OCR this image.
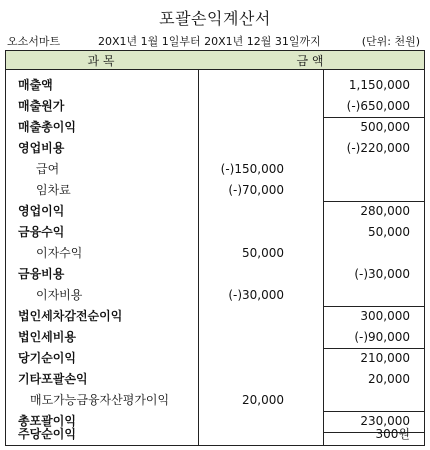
포괄손익계산서
오소서마트	20X1년 1월 1일부터 20X1년 12월 31일까지	(단위: 천원)
과 목	금 액
매출액	1,150,000
매출원가	(-)650,000
매출총이익	500,000
영업비용	(-)220,000
급여	(-)150,000
임차료	(-)70,000
영업이익	280,000
금융수익	50,000
이자수익	50,000
금융비용	(-)30,000
이자비용	(-)30,000
법인세차감전순이익	300,000
법인세비용	(-)90,000
당기순이익	210,000
기타포괄손익	20,000
매도가능금융자산평가이익	20,000
총포괄이익	230,000
주당순이익	300원
